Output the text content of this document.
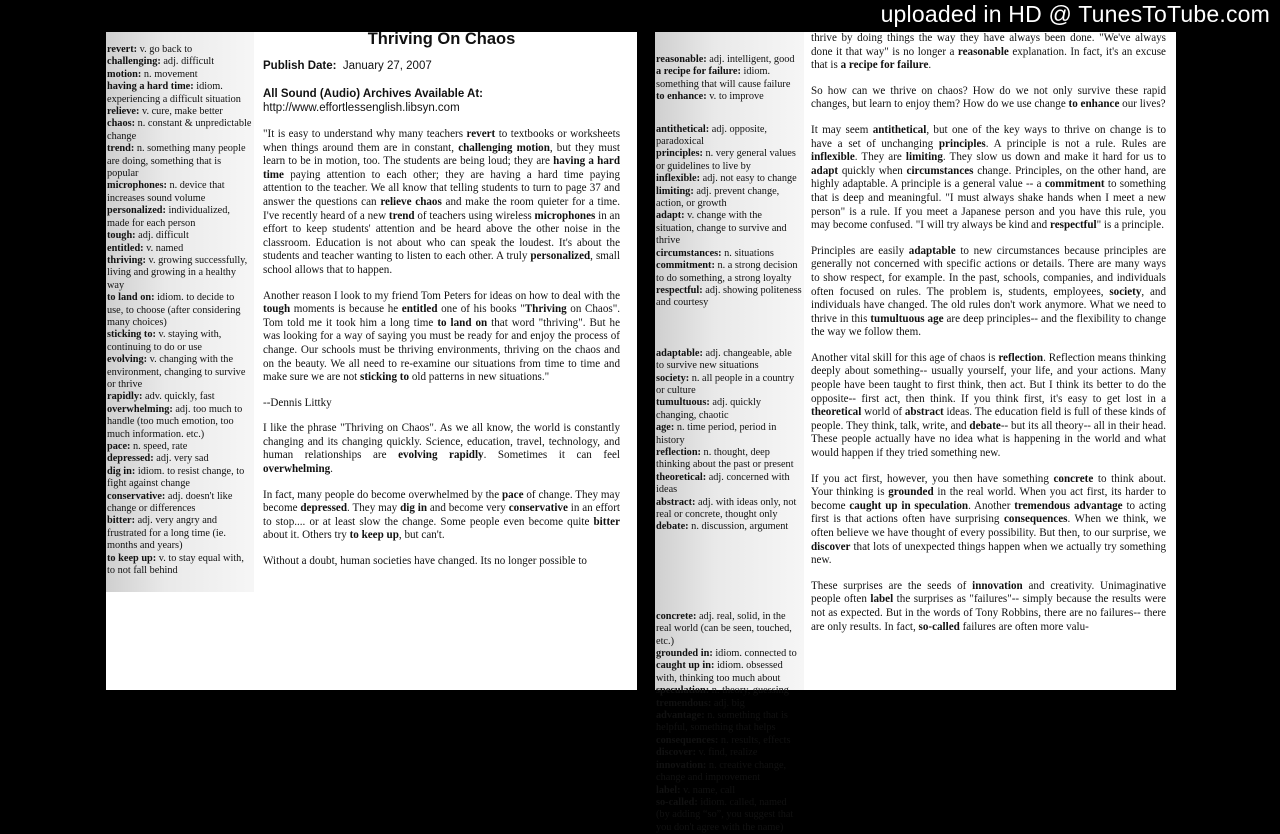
uploaded in HD @ TunesToTube.com
revert: v. go back to
challenging: adj. difficult
motion: n. movement
having a hard time: idiom. experiencing a difficult situation
relieve: v. cure, make better
chaos: n. constant & unpredictable change
trend: n. something many people are doing, something that is popular
microphones: n. device that increases sound volume
personalized: individualized, made for each person
tough: adj. difficult
entitled: v. named
thriving: v. growing successfully, living and growing in a healthy way
to land on: idiom. to decide to use, to choose (after considering many choices)
sticking to: v. staying with, continuing to do or use
evolving: v. changing with the environment, changing to survive or thrive
rapidly: adv. quickly, fast
overwhelming: adj. too much to handle (too much emotion, too much information. etc.)
pace: n. speed, rate
depressed: adj. very sad
dig in: idiom. to resist change, to fight against change
conservative: adj. doesn't like change or differences
bitter: adj. very angry and frustrated for a long time (ie. months and years)
to keep up: v. to stay equal with, to not fall behind
Thriving On Chaos
Publish Date: January 27, 2007
All Sound (Audio) Archives Available At:
http://www.effortlessenglish.libsyn.com

"It is easy to understand why many teachers revert to textbooks or worksheets when things around them are in constant, challenging motion, but they must learn to be in motion, too. The students are being loud; they are having a hard time paying attention to each other; they are having a hard time paying attention to the teacher. We all know that telling students to turn to page 37 and answer the questions can relieve chaos and make the room quieter for a time. I've recently heard of a new trend of teachers using wireless microphones in an effort to keep students' attention and be heard above the other noise in the classroom. Education is not about who can speak the loudest. It's about the students and teacher wanting to listen to each other. A truly personalized, small school allows that to happen.

Another reason I look to my friend Tom Peters for ideas on how to deal with the tough moments is because he entitled one of his books "Thriving on Chaos". Tom told me it took him a long time to land on that word "thriving". But he was looking for a way of saying you must be ready for and enjoy the process of change. Our schools must be thriving environments, thriving on the chaos and on the beauty. We all need to re-examine our situations from time to time and make sure we are not sticking to old patterns in new situations."

--Dennis Littky

I like the phrase "Thriving on Chaos". As we all know, the world is constantly changing and its changing quickly. Science, education, travel, technology, and human relationships are evolving rapidly. Sometimes it can feel overwhelming.

In fact, many people do become overwhelmed by the pace of change. They may become depressed. They may dig in and become very conservative in an effort to stop.... or at least slow the change. Some people even become quite bitter about it. Others try to keep up, but can't.

Without a doubt, human societies have changed. Its no longer possible to

reasonable: adj. intelligent, good
a recipe for failure: idiom. something that will cause failure
to enhance: v. to improve
antithetical: adj. opposite, paradoxical
principles: n. very general values or guidelines to live by
inflexible: adj. not easy to change
limiting: adj. prevent change, action, or growth
adapt: v. change with the situation, change to survive and thrive
circumstances: n. situations
commitment: n. a strong decision to do something, a strong loyalty
respectful: adj. showing politeness and courtesy
adaptable: adj. changeable, able to survive new situations
society: n. all people in a country or culture
tumultuous: adj. quickly changing, chaotic
age: n. time period, period in history
reflection: n. thought, deep thinking about the past or present
theoretical: adj. concerned with ideas
abstract: adj. with ideas only, not real or concrete, thought only
debate: n. discussion, argument
concrete: adj. real, solid, in the real world (can be seen, touched, etc.)
grounded in: idiom. connected to
caught up in: idiom. obsessed with, thinking too much about
speculation: n. theory, guessing
tremendous: adj. big
advantage: n. something that is helpful, something that helps
consequences: n. results, effects
discover: v. find, realize
innovation: n. creative change, change and improvement
label: v. name, call
so-called: idiom. called, named (by adding “so”, you suggest that you don't agree with the name)

thrive by doing things the way they have always been done. "We've always done it that way" is no longer a reasonable explanation. In fact, it's an excuse that is a recipe for failure.

So how can we thrive on chaos? How do we not only survive these rapid changes, but learn to enjoy them? How do we use change to enhance our lives?

It may seem antithetical, but one of the key ways to thrive on change is to have a set of unchanging principles. A principle is not a rule. Rules are inflexible. They are limiting. They slow us down and make it hard for us to adapt quickly when circumstances change. Principles, on the other hand, are highly adaptable. A principle is a general value -- a commitment to something that is deep and meaningful. "I must always shake hands when I meet a new person" is a rule. If you meet a Japanese person and you have this rule, you may become confused. "I will try always be kind and respectful" is a principle.

Principles are easily adaptable to new circumstances because principles are generally not concerned with specific actions or details. There are many ways to show respect, for example. In the past, schools, companies, and individuals often focused on rules. The problem is, students, employees, society, and individuals have changed. The old rules don't work anymore. What we need to thrive in this tumultuous age are deep principles-- and the flexibility to change the way we follow them.

Another vital skill for this age of chaos is reflection. Reflection means thinking deeply about something-- usually yourself, your life, and your actions. Many people have been taught to first think, then act. But I think its better to do the opposite-- first act, then think. If you think first, it's easy to get lost in a theoretical world of abstract ideas. The education field is full of these kinds of people. They think, talk, write, and debate-- but its all theory-- all in their head. These people actually have no idea what is happening in the world and what would happen if they tried something new.

If you act first, however, you then have something concrete to think about. Your thinking is grounded in the real world. When you act first, its harder to become caught up in speculation. Another tremendous advantage to acting first is that actions often have surprising consequences. When we think, we often believe we have thought of every possibility. But then, to our surprise, we discover that lots of unexpected things happen when we actually try something new.

These surprises are the seeds of innovation and creativity. Unimaginative people often label the surprises as "failures"-- simply because the results were not as expected. But in the words of Tony Robbins, there are no failures-- there are only results. In fact, so-called failures are often more valu-
